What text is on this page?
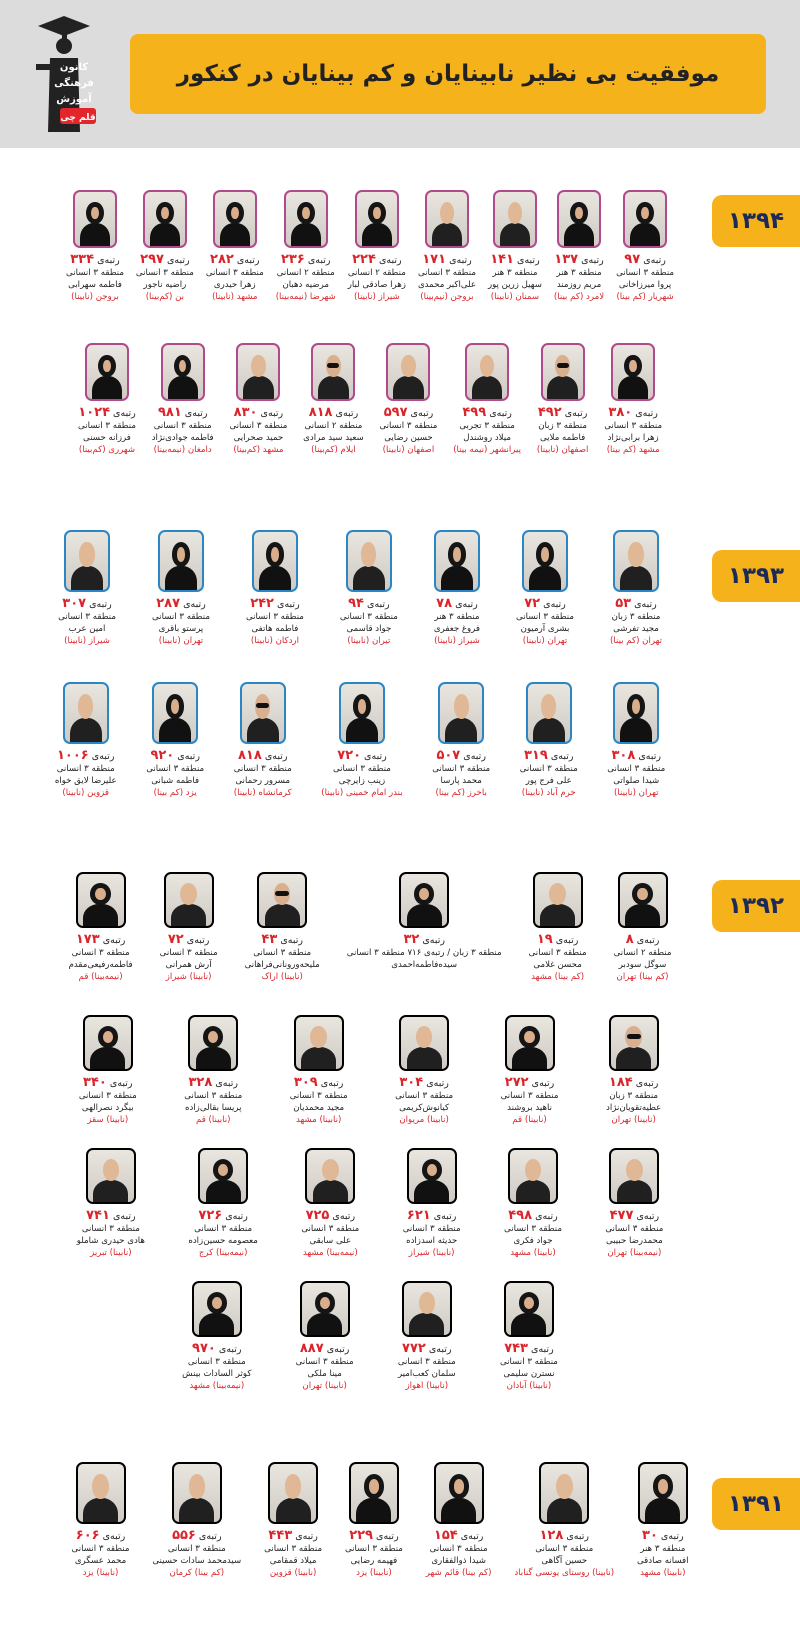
کانون
فرهنگی
آموزش
قلم چی
موفقیت بی نظیر نابینایان و کم بینایان در کنکور
۱۳۹۴
رتبه‌ی ۹۷
منطقه ۳ انسانی
پروا میرزاخانی
شهریار (کم بینا)
رتبه‌ی ۱۳۷
منطقه ۳ هنر
مریم روزمند
لامرد (کم بینا)
رتبه‌ی ۱۴۱
منطقه ۳ هنر
سهیل زرین پور
سمنان (نابینا)
رتبه‌ی ۱۷۱
منطقه ۳ انسانی
علی‌اکبر محمدی
بروجن (نیم‌بینا)
رتبه‌ی ۲۲۴
منطقه ۲ انسانی
زهرا صادقی لبار
شیراز (نابینا)
رتبه‌ی ۲۳۶
منطقه ۲ انسانی
مرضیه دهبان
شهرضا (نیمه‌بینا)
رتبه‌ی ۲۸۲
منطقه ۳ انسانی
زهرا حیدری
مشهد (نابینا)
رتبه‌ی ۲۹۷
منطقه ۳ انسانی
راضیه ناجور
بن (کم‌بینا)
رتبه‌ی ۳۳۴
منطقه ۳ انسانی
فاطمه سهرابی
بروجن (نابینا)
رتبه‌ی ۳۸۰
منطقه ۳ انسانی
زهرا برابی‌نژاد
مشهد (کم بینا)
رتبه‌ی ۴۹۲
منطقه ۳ زبان
فاطمه ملایی
اصفهان (نابینا)
رتبه‌ی ۴۹۹
منطقه ۳ تجربی
میلاد روشندل
پیرانشهر (نیمه بینا)
رتبه‌ی ۵۹۷
منطقه ۳ انسانی
حسین رضایی
اصفهان (نابینا)
رتبه‌ی ۸۱۸
منطقه ۲ انسانی
سعید سید مرادی
ایلام (کم‌بینا)
رتبه‌ی ۸۳۰
منطقه ۳ انسانی
حمید صحرایی
مشهد (کم‌بینا)
رتبه‌ی ۹۸۱
منطقه ۳ انسانی
فاطمه جوادی‌نژاد
دامغان (نیمه‌بینا)
رتبه‌ی ۱۰۲۴
منطقه ۳ انسانی
فرزانه حسنی
شهرری (کم‌بینا)
۱۳۹۳
رتبه‌ی ۵۳
منطقه ۳ زبان
مجید تفرشی
تهران (کم بینا)
رتبه‌ی ۷۲
منطقه ۳ انسانی
بشری آرمیون
تهران (نابینا)
رتبه‌ی ۷۸
منطقه ۳ هنر
فروغ جعفری
شیراز (نابینا)
رتبه‌ی ۹۴
منطقه ۳ انسانی
جواد قاسمی
تیران (نابینا)
رتبه‌ی ۲۴۲
منطقه ۳ انسانی
فاطمه هاتفی
اردکان (نابینا)
رتبه‌ی ۲۸۷
منطقه ۳ انسانی
پرستو باقری
تهران (نابینا)
رتبه‌ی ۳۰۷
منطقه ۳ انسانی
امین عرب
شیراز (نابینا)
رتبه‌ی ۳۰۸
منطقه ۳ انسانی
شیدا صلواتی
تهران (نابینا)
رتبه‌ی ۳۱۹
منطقه ۳ انسانی
علی فرج پور
خرم آباد (نابینا)
رتبه‌ی ۵۰۷
منطقه ۳ انسانی
محمد پارسا
باخرز (کم بینا)
رتبه‌ی ۷۲۰
منطقه ۳ انسانی
زینب زایرچی
بندر امام خمینی (نابینا)
رتبه‌ی ۸۱۸
منطقه ۳ انسانی
مسرور رحمانی
کرمانشاه (نابینا)
رتبه‌ی ۹۲۰
منطقه ۳ انسانی
فاطمه شبانی
یزد (کم بینا)
رتبه‌ی ۱۰۰۶
منطقه ۳ انسانی
علیرضا لایق خواه
قزوین (نابینا)
۱۳۹۲
رتبه‌ی ۸
منطقه ۲ انسانی
سوگل سودبر
(کم بینا) تهران
رتبه‌ی ۱۹
منطقه ۳ انسانی
محسن غلامی
(کم بینا) مشهد
رتبه‌ی ۳۲
منطقه ۳ زبان / رتبه‌ی ۷۱۶ منطقه ۳ انسانی
سیده‌فاطمه‌احمدی
رتبه‌ی ۴۳
منطقه ۳ انسانی
ملیحه‌ورونانی‌فراهانی
(نابینا) اراک
رتبه‌ی ۷۲
منطقه ۳ انسانی
آرش همرانی
(نابینا) شیراز
رتبه‌ی ۱۷۳
منطقه ۳ انسانی
فاطمه‌رفیعی‌مقدم
(نیمه‌بینا) قم
رتبه‌ی ۱۸۴
منطقه ۳ زبان
عطیه‌تقویان‌نژاد
(نابینا) تهران
رتبه‌ی ۲۷۲
منطقه ۳ انسانی
ناهید بروشند
(نابینا) قم
رتبه‌ی ۳۰۴
منطقه ۳ انسانی
کیانوش‌کریمی
(نابینا) مریوان
رتبه‌ی ۳۰۹
منطقه ۳ انسانی
مجید محمدیان
(نابینا) مشهد
رتبه‌ی ۳۲۸
منطقه ۳ انسانی
پریسا بقالی‌زاده
(نابینا) قم
رتبه‌ی ۳۴۰
منطقه ۳ انسانی
بیگرد نصرالهی
(نابینا) سقز
رتبه‌ی ۴۷۷
منطقه ۳ انسانی
محمدرضا حبیبی
(نیمه‌بینا) تهران
رتبه‌ی ۴۹۸
منطقه ۳ انسانی
جواد فکری
(نابینا) مشهد
رتبه‌ی ۶۲۱
منطقه ۳ انسانی
حدیثه اسدزاده
(نابینا) شیراز
رتبه‌ی ۷۲۵
منطقه ۳ انسانی
علی سابقی
(نیمه‌بینا) مشهد
رتبه‌ی ۷۲۶
منطقه ۳ انسانی
معصومه حسین‌زاده
(نیمه‌بینا) کرج
رتبه‌ی ۷۴۱
منطقه ۳ انسانی
هادی حیدری شاملو
(نابینا) تبریز
رتبه‌ی ۷۴۳
منطقه ۳ انسانی
نسترن سلیمی
(نابینا) آبادان
رتبه‌ی ۷۷۲
منطقه ۳ انسانی
سلمان کعب‌امیر
(نابینا) اهواز
رتبه‌ی ۸۸۷
منطقه ۳ انسانی
مینا ملکی
(نابینا) تهران
رتبه‌ی ۹۷۰
منطقه ۳ انسانی
کوثر السادات بینش
(نیمه‌بینا) مشهد
۱۳۹۱
رتبه‌ی ۳۰
منطقه ۳ هنر
افسانه صادقی
(نابینا) مشهد
رتبه‌ی ۱۲۸
منطقه ۳ انسانی
حسین آگاهی
(نابینا) روستای یونسی گناباد
رتبه‌ی ۱۵۴
منطقه ۳ انسانی
شیدا ذوالفقاری
(کم بینا) قائم شهر
رتبه‌ی ۲۲۹
منطقه ۳ انسانی
فهیمه رضایی
(نابینا) یزد
رتبه‌ی ۴۴۳
منطقه ۳ انسانی
میلاد قمقامی
(نابینا) قزوین
رتبه‌ی ۵۵۶
منطقه ۳ انسانی
سیدمحمد سادات حسینی
(کم بینا) کرمان
رتبه‌ی ۶۰۶
منطقه ۳ انسانی
محمد عسگری
(نابینا) یزد
